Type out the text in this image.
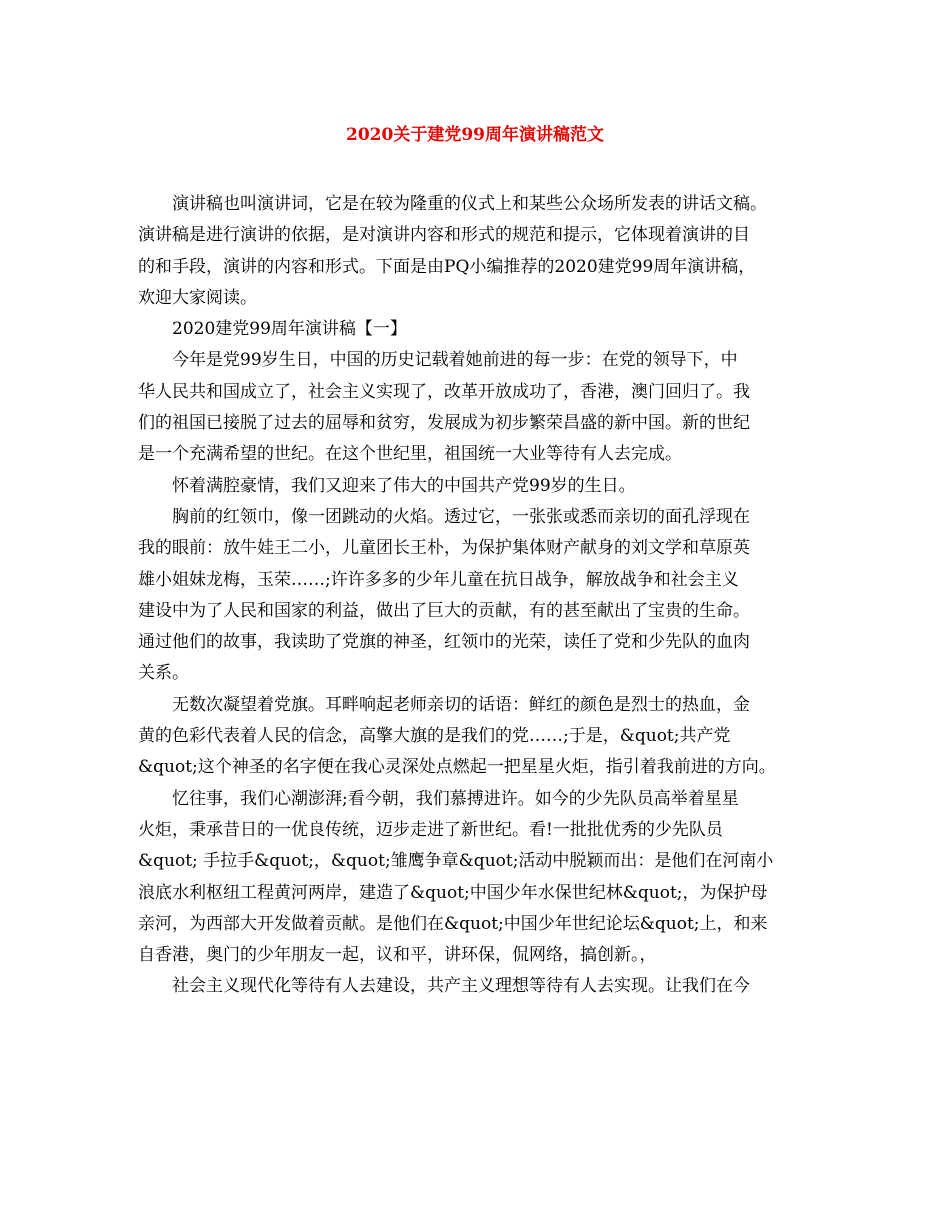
2020关于建党99周年演讲稿范文
演讲稿也叫演讲词，它是在较为隆重的仪式上和某些公众场所发表的讲话文稿。
演讲稿是进行演讲的依据，是对演讲内容和形式的规范和提示，它体现着演讲的目
的和手段，演讲的内容和形式。下面是由PQ小编推荐的2020建党99周年演讲稿，
欢迎大家阅读。
2020建党99周年演讲稿【一】
今年是党99岁生日，中国的历史记载着她前进的每一步：在党的领导下，中
华人民共和国成立了，社会主义实现了，改革开放成功了，香港，澳门回归了。我
们的祖国已接脱了过去的屈辱和贫穷，发展成为初步繁荣昌盛的新中国。新的世纪
是一个充满希望的世纪。在这个世纪里，祖国统一大业等待有人去完成。
怀着满腔豪情，我们又迎来了伟大的中国共产党99岁的生日。
胸前的红领巾，像一团跳动的火焰。透过它，一张张或悉而亲切的面孔浮现在
我的眼前：放牛娃王二小，儿童团长王朴，为保护集体财产献身的刘文学和草原英
雄小姐妹龙梅，玉荣……;许许多多的少年儿童在抗日战争，解放战争和社会主义
建设中为了人民和国家的利益，做出了巨大的贡献，有的甚至献出了宝贵的生命。
通过他们的故事，我读助了党旗的神圣，红领巾的光荣，读任了党和少先队的血肉
关系。
无数次凝望着党旗。耳畔响起老师亲切的话语：鲜红的颜色是烈士的热血，金
黄的色彩代表着人民的信念，高擎大旗的是我们的党……;于是，&quot;共产党
&quot;这个神圣的名字便在我心灵深处点燃起一把星星火炬，指引着我前进的方向。
忆往事，我们心潮澎湃;看今朝，我们慕搏进许。如今的少先队员高举着星星
火炬，秉承昔日的一优良传统，迈步走进了新世纪。看!一批批优秀的少先队员
&quot; 手拉手&quot;，&quot;雏鹰争章&quot;活动中脱颖而出：是他们在河南小
浪底水利枢纽工程黄河两岸，建造了&quot;中国少年水保世纪林&quot;，为保护母
亲河，为西部大开发做着贡献。是他们在&quot;中国少年世纪论坛&quot;上，和来
自香港，奥门的少年朋友一起，议和平，讲环保，侃网络，搞创新。，
社会主义现代化等待有人去建设，共产主义理想等待有人去实现。让我们在今
